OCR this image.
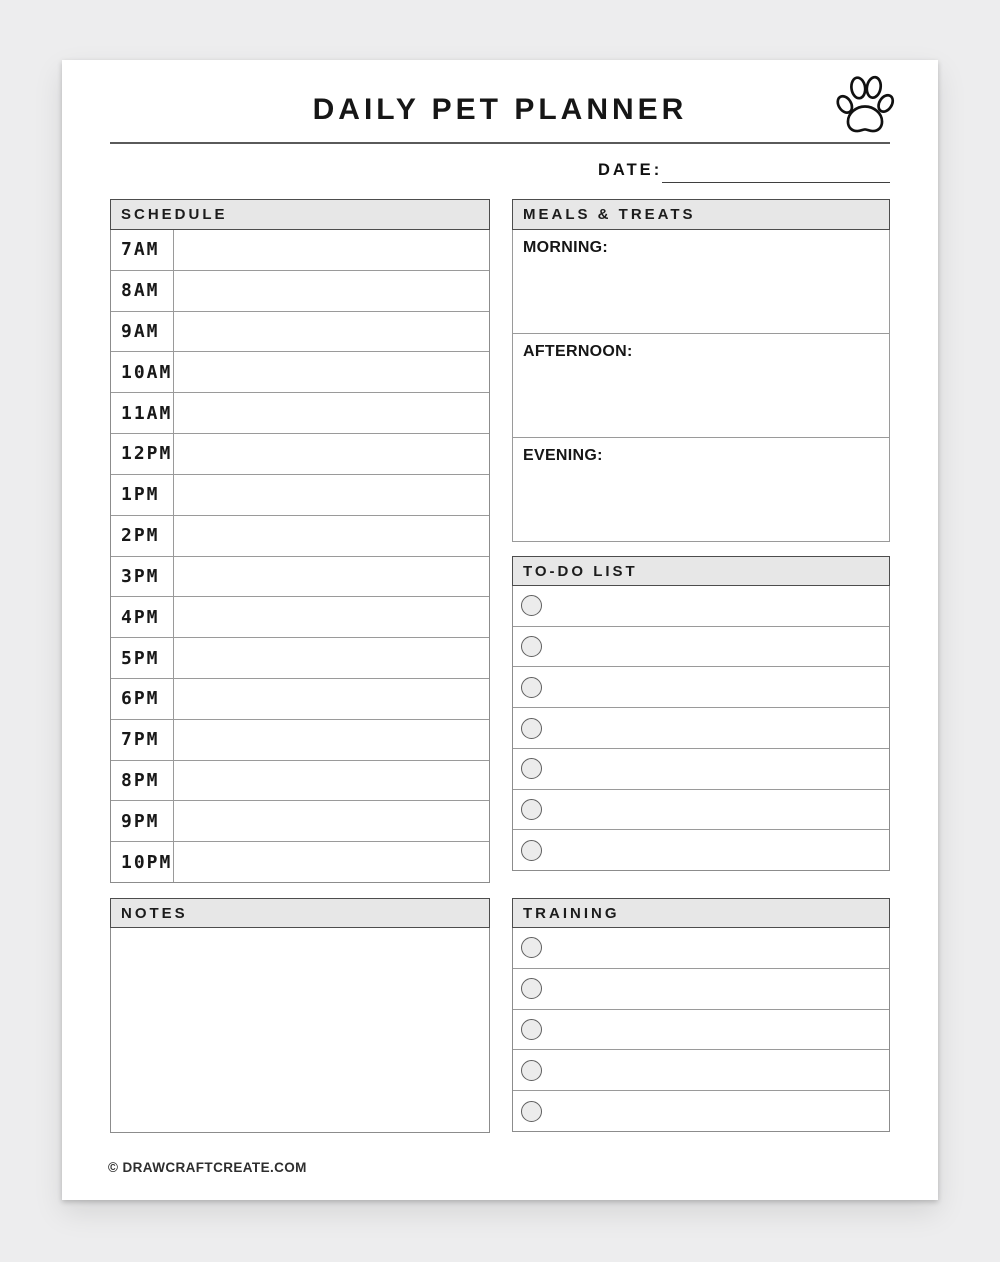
DAILY PET PLANNER
DATE:
SCHEDULE
7AM
8AM
9AM
10AM
11AM
12PM
1PM
2PM
3PM
4PM
5PM
6PM
7PM
8PM
9PM
10PM
MEALS & TREATS
MORNING:
AFTERNOON:
EVENING:
TO-DO LIST
NOTES	TRAINING
© DRAWCRAFTCREATE.COM
